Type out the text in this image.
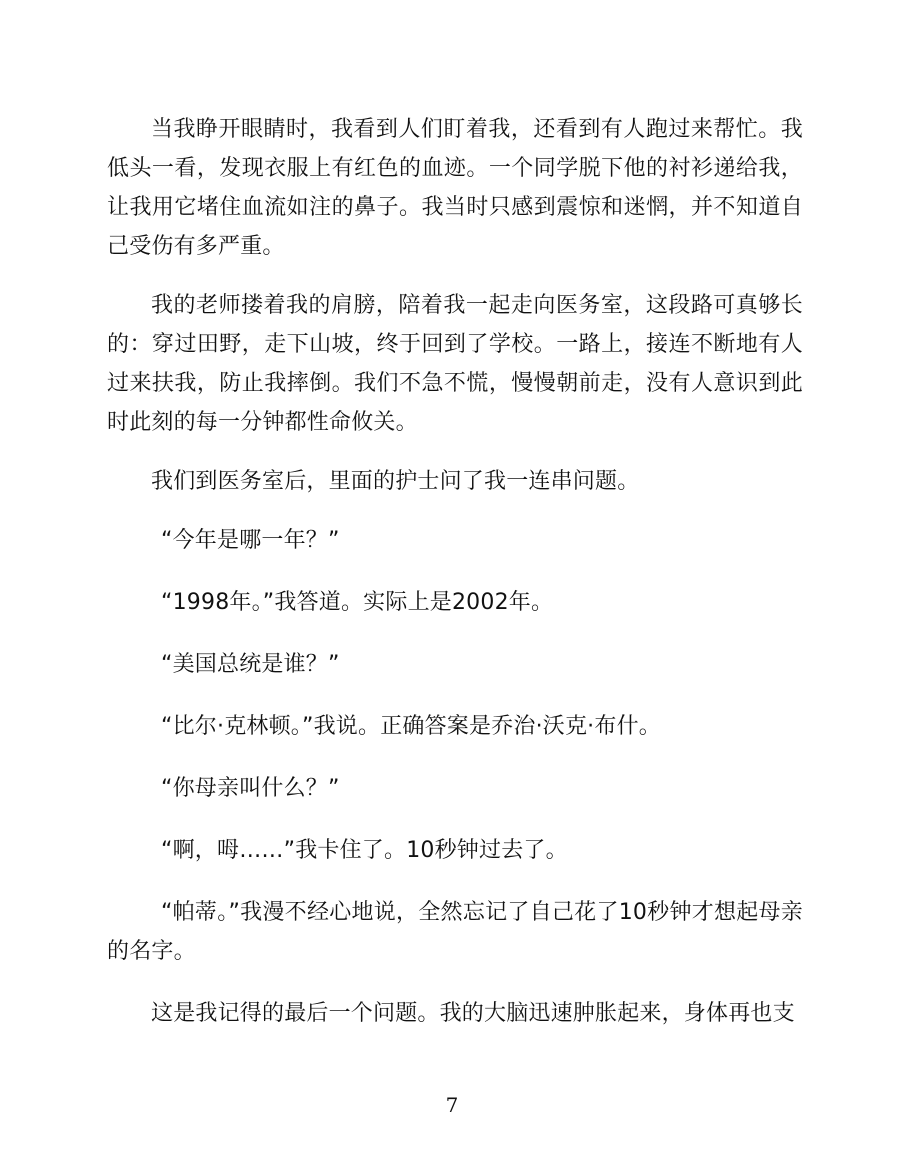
当我睁开眼睛时，我看到人们盯着我，还看到有人跑过来帮忙。我低头一看，发现衣服上有红色的血迹。一个同学脱下他的衬衫递给我，让我用它堵住血流如注的鼻子。我当时只感到震惊和迷惘，并不知道自己受伤有多严重。

我的老师搂着我的肩膀，陪着我一起走向医务室，这段路可真够长的：穿过田野，走下山坡，终于回到了学校。一路上，接连不断地有人过来扶我，防止我摔倒。我们不急不慌，慢慢朝前走，没有人意识到此时此刻的每一分钟都性命攸关。

我们到医务室后，里面的护士问了我一连串问题。

“今年是哪一年？”

“1998年。”我答道。实际上是2002年。

“美国总统是谁？”

“比尔·克林顿。”我说。正确答案是乔治·沃克·布什。

“你母亲叫什么？”

“啊，呣……”我卡住了。10秒钟过去了。

“帕蒂。”我漫不经心地说，全然忘记了自己花了10秒钟才想起母亲的名字。

这是我记得的最后一个问题。我的大脑迅速肿胀起来，身体再也支

7
